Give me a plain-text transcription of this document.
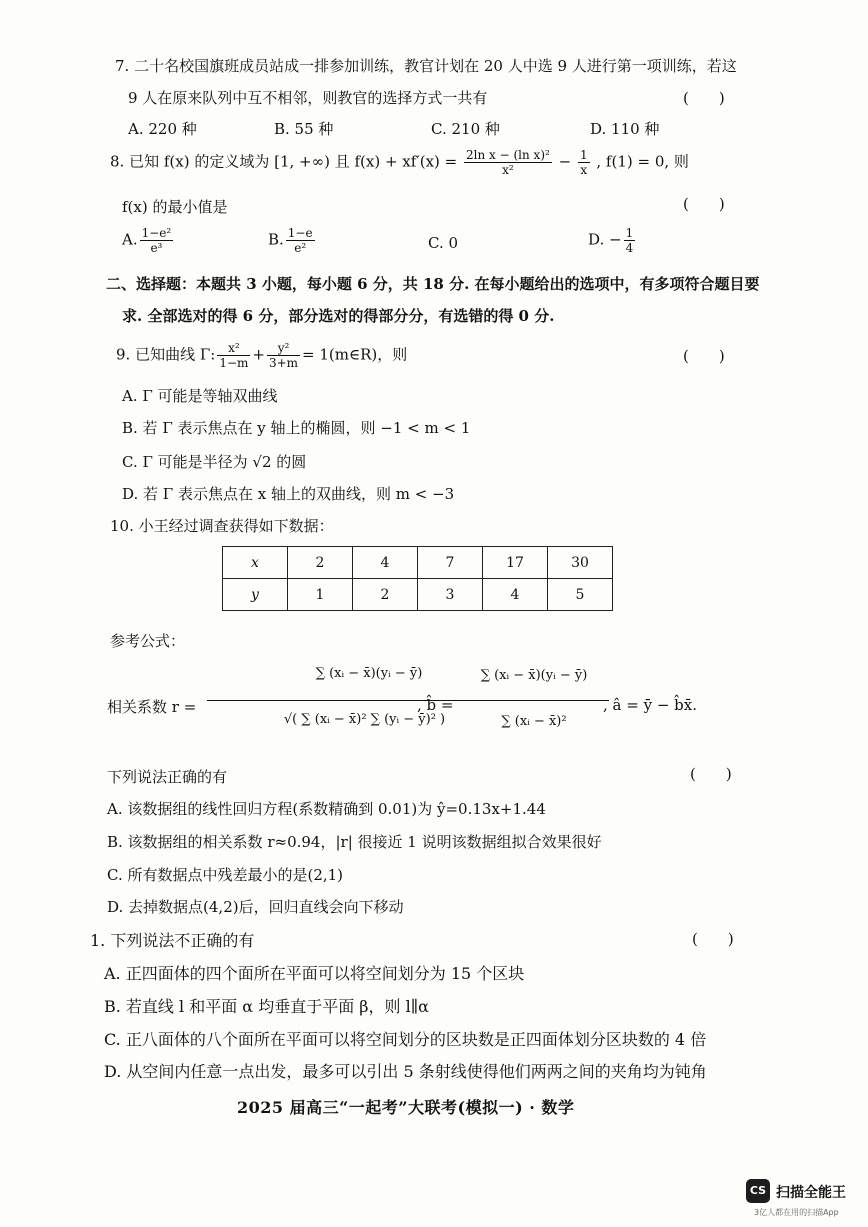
7. 二十名校国旗班成员站成一排参加训练，教官计划在 20 人中选 9 人进行第一项训练，若这
9 人在原来队列中互不相邻，则教官的选择方式一共有	(　　)
A. 220 种	B. 55 种	C. 210 种	D. 110 种
8. 已知 f(x) 的定义域为 [1, +∞) 且 $f(x) + xf'(x) = \frac{\text{2ln x − (ln x)²}}{\text{x²}} - \frac{1}{x}$ , f(1) = 0, 则
f(x) 的最小值是	(　　)
A. $\frac{\text{1−e²}}{\text{e³}}$	B. $\frac{1-e}{\text{e²}}$	C. 0	D. − $\frac{1}{4}$
二、选择题：本题共 3 小题，每小题 6 分，共 18 分. 在每小题给出的选项中，有多项符合题目要
求. 全部选对的得 6 分，部分选对的得部分分，有选错的得 0 分.
9. 已知曲线 Γ: $\frac{\text{x²}}{1-m} + \frac{\text{y²}}{3+m}$ = 1(m∈R)，则	(　　)
A. Γ 可能是等轴双曲线
B. 若 Γ 表示焦点在 y 轴上的椭圆，则 −1 < m < 1
C. Γ 可能是半径为 √2 的圆
D. 若 Γ 表示焦点在 x 轴上的双曲线，则 m < −3
10. 小王经过调查获得如下数据：
x	2	4	7	17	30
y	1	2	3	4	5
参考公式：
相关系数 r =
∑ (xᵢ − x̄)(yᵢ − ȳ)
√( ∑ (xᵢ − x̄)² ∑ (yᵢ − ȳ)² )
, b̂ =
∑ (xᵢ − x̄)(yᵢ − ȳ)
∑ (xᵢ − x̄)²
, â = ȳ − b̂x̄.
下列说法正确的有	(　　)
A. 该数据组的线性回归方程(系数精确到 0.01)为 ŷ=0.13x+1.44
B. 该数据组的相关系数 r≈0.94，|r| 很接近 1 说明该数据组拟合效果很好
C. 所有数据点中残差最小的是(2,1)
D. 去掉数据点(4,2)后，回归直线会向下移动
1. 下列说法不正确的有	(　　)
A. 正四面体的四个面所在平面可以将空间划分为 15 个区块
B. 若直线 l 和平面 α 均垂直于平面 β，则 l∥α
C. 正八面体的八个面所在平面可以将空间划分的区块数是正四面体划分区块数的 4 倍
D. 从空间内任意一点出发，最多可以引出 5 条射线使得他们两两之间的夹角均为钝角
2025 届高三“一起考”大联考(模拟一) · 数学
CS 扫描全能王
3亿人都在用的扫描App
